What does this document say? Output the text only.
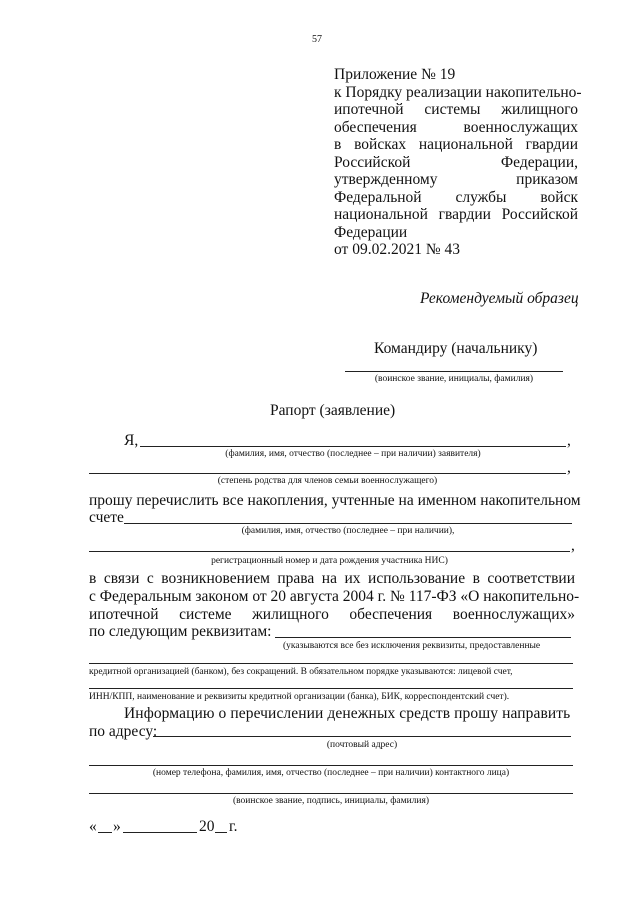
57
Приложение № 19
к Порядку реализации накопительно-
ипотечной системы жилищного
обеспечения военнослужащих
в войсках национальной гвардии
Российской Федерации,
утвержденному приказом
Федеральной службы войск
национальной гвардии Российской
Федерации
от 09.02.2021 № 43
Рекомендуемый образец
Командиру (начальнику)
(воинское звание, инициалы, фамилия)
Рапорт (заявление)
Я,	,
(фамилия, имя, отчество (последнее – при наличии) заявителя)
,
(степень родства для членов семьи военнослужащего)
прошу перечислить все накопления, учтенные на именном накопительном
счете
(фамилия, имя, отчество (последнее – при наличии),
,
регистрационный номер и дата рождения участника НИС)
в связи с возникновением права на их использование в соответствии
с Федеральным законом от 20 августа 2004 г. № 117-ФЗ «О накопительно-
ипотечной системе жилищного обеспечения военнослужащих»
по следующим реквизитам:
(указываются все без исключения реквизиты, предоставленные
кредитной организацией (банком), без сокращений. В обязательном порядке указываются: лицевой счет,
ИНН/КПП, наименование и реквизиты кредитной организации (банка), БИК, корреспондентский счет).
Информацию о перечислении денежных средств прошу направить
по адресу:
(почтовый адрес)
(номер телефона, фамилия, имя, отчество (последнее – при наличии) контактного лица)
(воинское звание, подпись, инициалы, фамилия)
« »	20 г.
